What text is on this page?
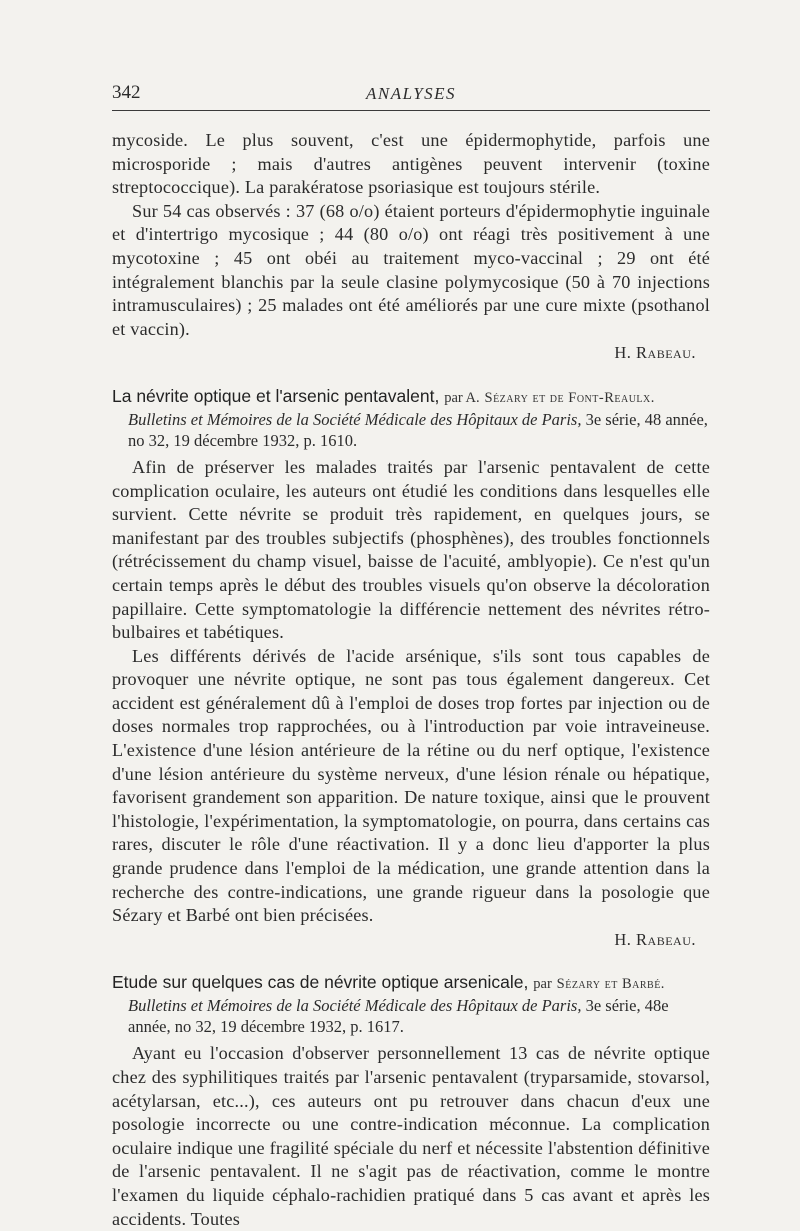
342	ANALYSES

mycoside. Le plus souvent, c'est une épidermophytide, parfois une microsporide ; mais d'autres antigènes peuvent intervenir (toxine streptococcique). La parakératose psoriasique est toujours stérile.

Sur 54 cas observés : 37 (68 o/o) étaient porteurs d'épidermophytie inguinale et d'intertrigo mycosique ; 44 (80 o/o) ont réagi très positivement à une mycotoxine ; 45 ont obéi au traitement myco-vaccinal ; 29 ont été intégralement blanchis par la seule clasine polymycosique (50 à 70 injections intramusculaires) ; 25 malades ont été améliorés par une cure mixte (psothanol et vaccin).

H. Rabeau.
La névrite optique et l'arsenic pentavalent, par A. Sézary et de Font-Reaulx.
Bulletins et Mémoires de la Société Médicale des Hôpitaux de Paris, 3e série, 48 année, no 32, 19 décembre 1932, p. 1610.

Afin de préserver les malades traités par l'arsenic pentavalent de cette complication oculaire, les auteurs ont étudié les conditions dans lesquelles elle survient. Cette névrite se produit très rapidement, en quelques jours, se manifestant par des troubles subjectifs (phosphènes), des troubles fonctionnels (rétrécissement du champ visuel, baisse de l'acuité, amblyopie). Ce n'est qu'un certain temps après le début des troubles visuels qu'on observe la décoloration papillaire. Cette symptomatologie la différencie nettement des névrites rétro-bulbaires et tabétiques.

Les différents dérivés de l'acide arsénique, s'ils sont tous capables de provoquer une névrite optique, ne sont pas tous également dangereux. Cet accident est généralement dû à l'emploi de doses trop fortes par injection ou de doses normales trop rapprochées, ou à l'introduction par voie intraveineuse. L'existence d'une lésion antérieure de la rétine ou du nerf optique, l'existence d'une lésion antérieure du système nerveux, d'une lésion rénale ou hépatique, favorisent grandement son apparition. De nature toxique, ainsi que le prouvent l'histologie, l'expérimentation, la symptomatologie, on pourra, dans certains cas rares, discuter le rôle d'une réactivation. Il y a donc lieu d'apporter la plus grande prudence dans l'emploi de la médication, une grande attention dans la recherche des contre-indications, une grande rigueur dans la posologie que Sézary et Barbé ont bien précisées.

H. Rabeau.
Etude sur quelques cas de névrite optique arsenicale, par Sézary et Barbé.
Bulletins et Mémoires de la Société Médicale des Hôpitaux de Paris, 3e série, 48e année, no 32, 19 décembre 1932, p. 1617.

Ayant eu l'occasion d'observer personnellement 13 cas de névrite optique chez des syphilitiques traités par l'arsenic pentavalent (tryparsamide, stovarsol, acétylarsan, etc...), ces auteurs ont pu retrouver dans chacun d'eux une posologie incorrecte ou une contre-indication méconnue. La complication oculaire indique une fragilité spéciale du nerf et nécessite l'abstention définitive de l'arsenic pentavalent. Il ne s'agit pas de réactivation, comme le montre l'examen du liquide céphalo-rachidien pratiqué dans 5 cas avant et après les accidents. Toutes
